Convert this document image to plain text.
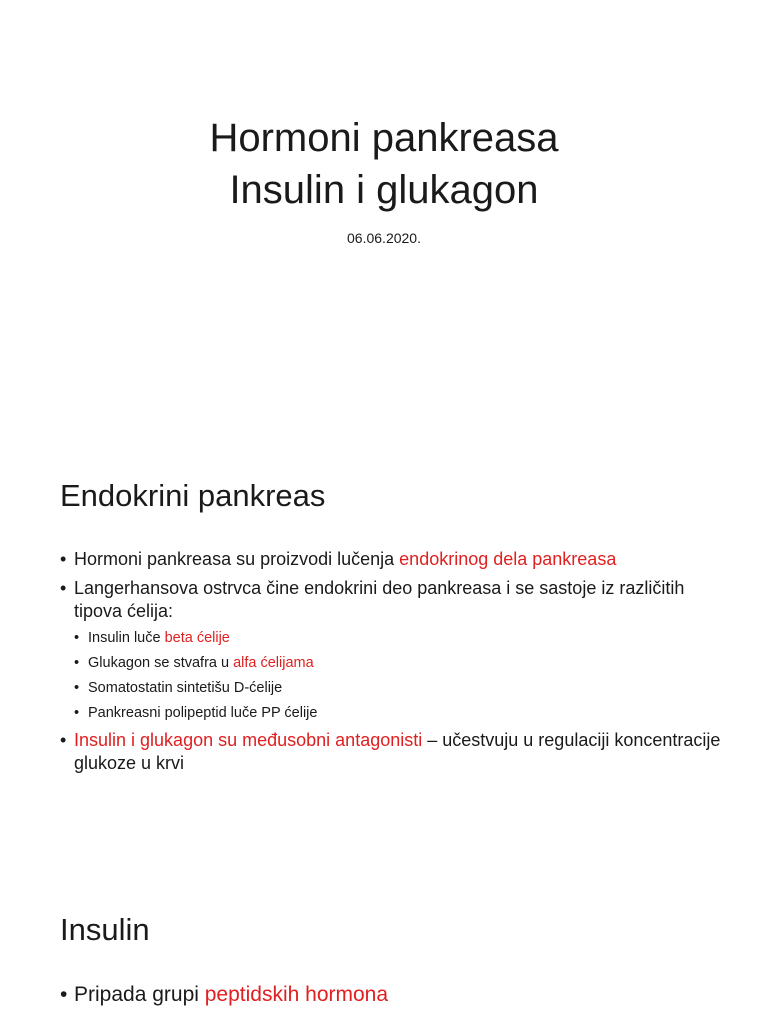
Hormoni pankreasa
Insulin i glukagon
06.06.2020.
Endokrini pankreas
• Hormoni pankreasa su proizvodi lučenja endokrinog dela pankreasa
• Langerhansova ostrvca čine endokrini deo pankreasa i se sastoje iz različitih tipova ćelija:
• Insulin luče beta ćelije
• Glukagon se stvafra u alfa ćelijama
• Somatostatin sintetišu D-ćelije
• Pankreasni polipeptid luče PP ćelije
• Insulin i glukagon su međusobni antagonisti – učestvuju u regulaciji koncentracije glukoze u krvi
Insulin
• Pripada grupi peptidskih hormona
